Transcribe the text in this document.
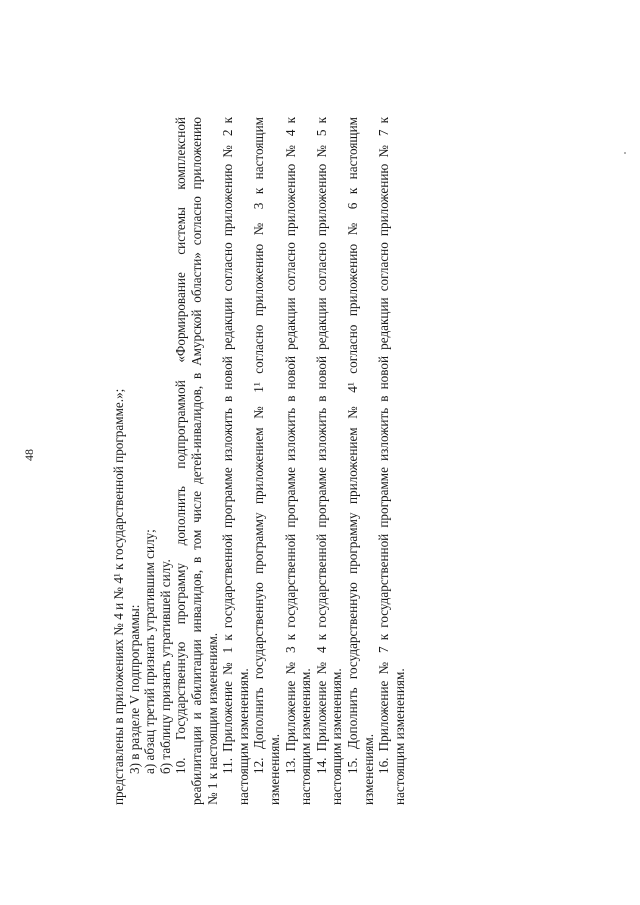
48	представлены в приложениях № 4 и № 4¹ к государственной программе.»; 3) в разделе V подпрограммы: а) абзац третий признать утратившим силу; б) таблицу признать утратившей силу. 10. Государственную программу дополнить подпрограммой «Формирование системы комплексной реабилитации и абилитации инвалидов, в том числе детей-инвалидов, в Амурской области» согласно приложению № 1 к настоящим изменениям. 11. Приложение № 1 к государственной программе изложить в новой редакции согласно приложению № 2 к настоящим изменениям. 12. Дополнить государственную программу приложением № 1¹ согласно приложению № 3 к настоящим изменениям. 13. Приложение № 3 к государственной программе изложить в новой редакции согласно приложению № 4 к настоящим изменениям. 14. Приложение № 4 к государственной программе изложить в новой редакции согласно приложению № 5 к настоящим изменениям. 15. Дополнить государственную программу приложением № 4¹ согласно приложению № 6 к настоящим изменениям. 16. Приложение № 7 к государственной программе изложить в новой редакции согласно приложению № 7 к настоящим изменениям.
